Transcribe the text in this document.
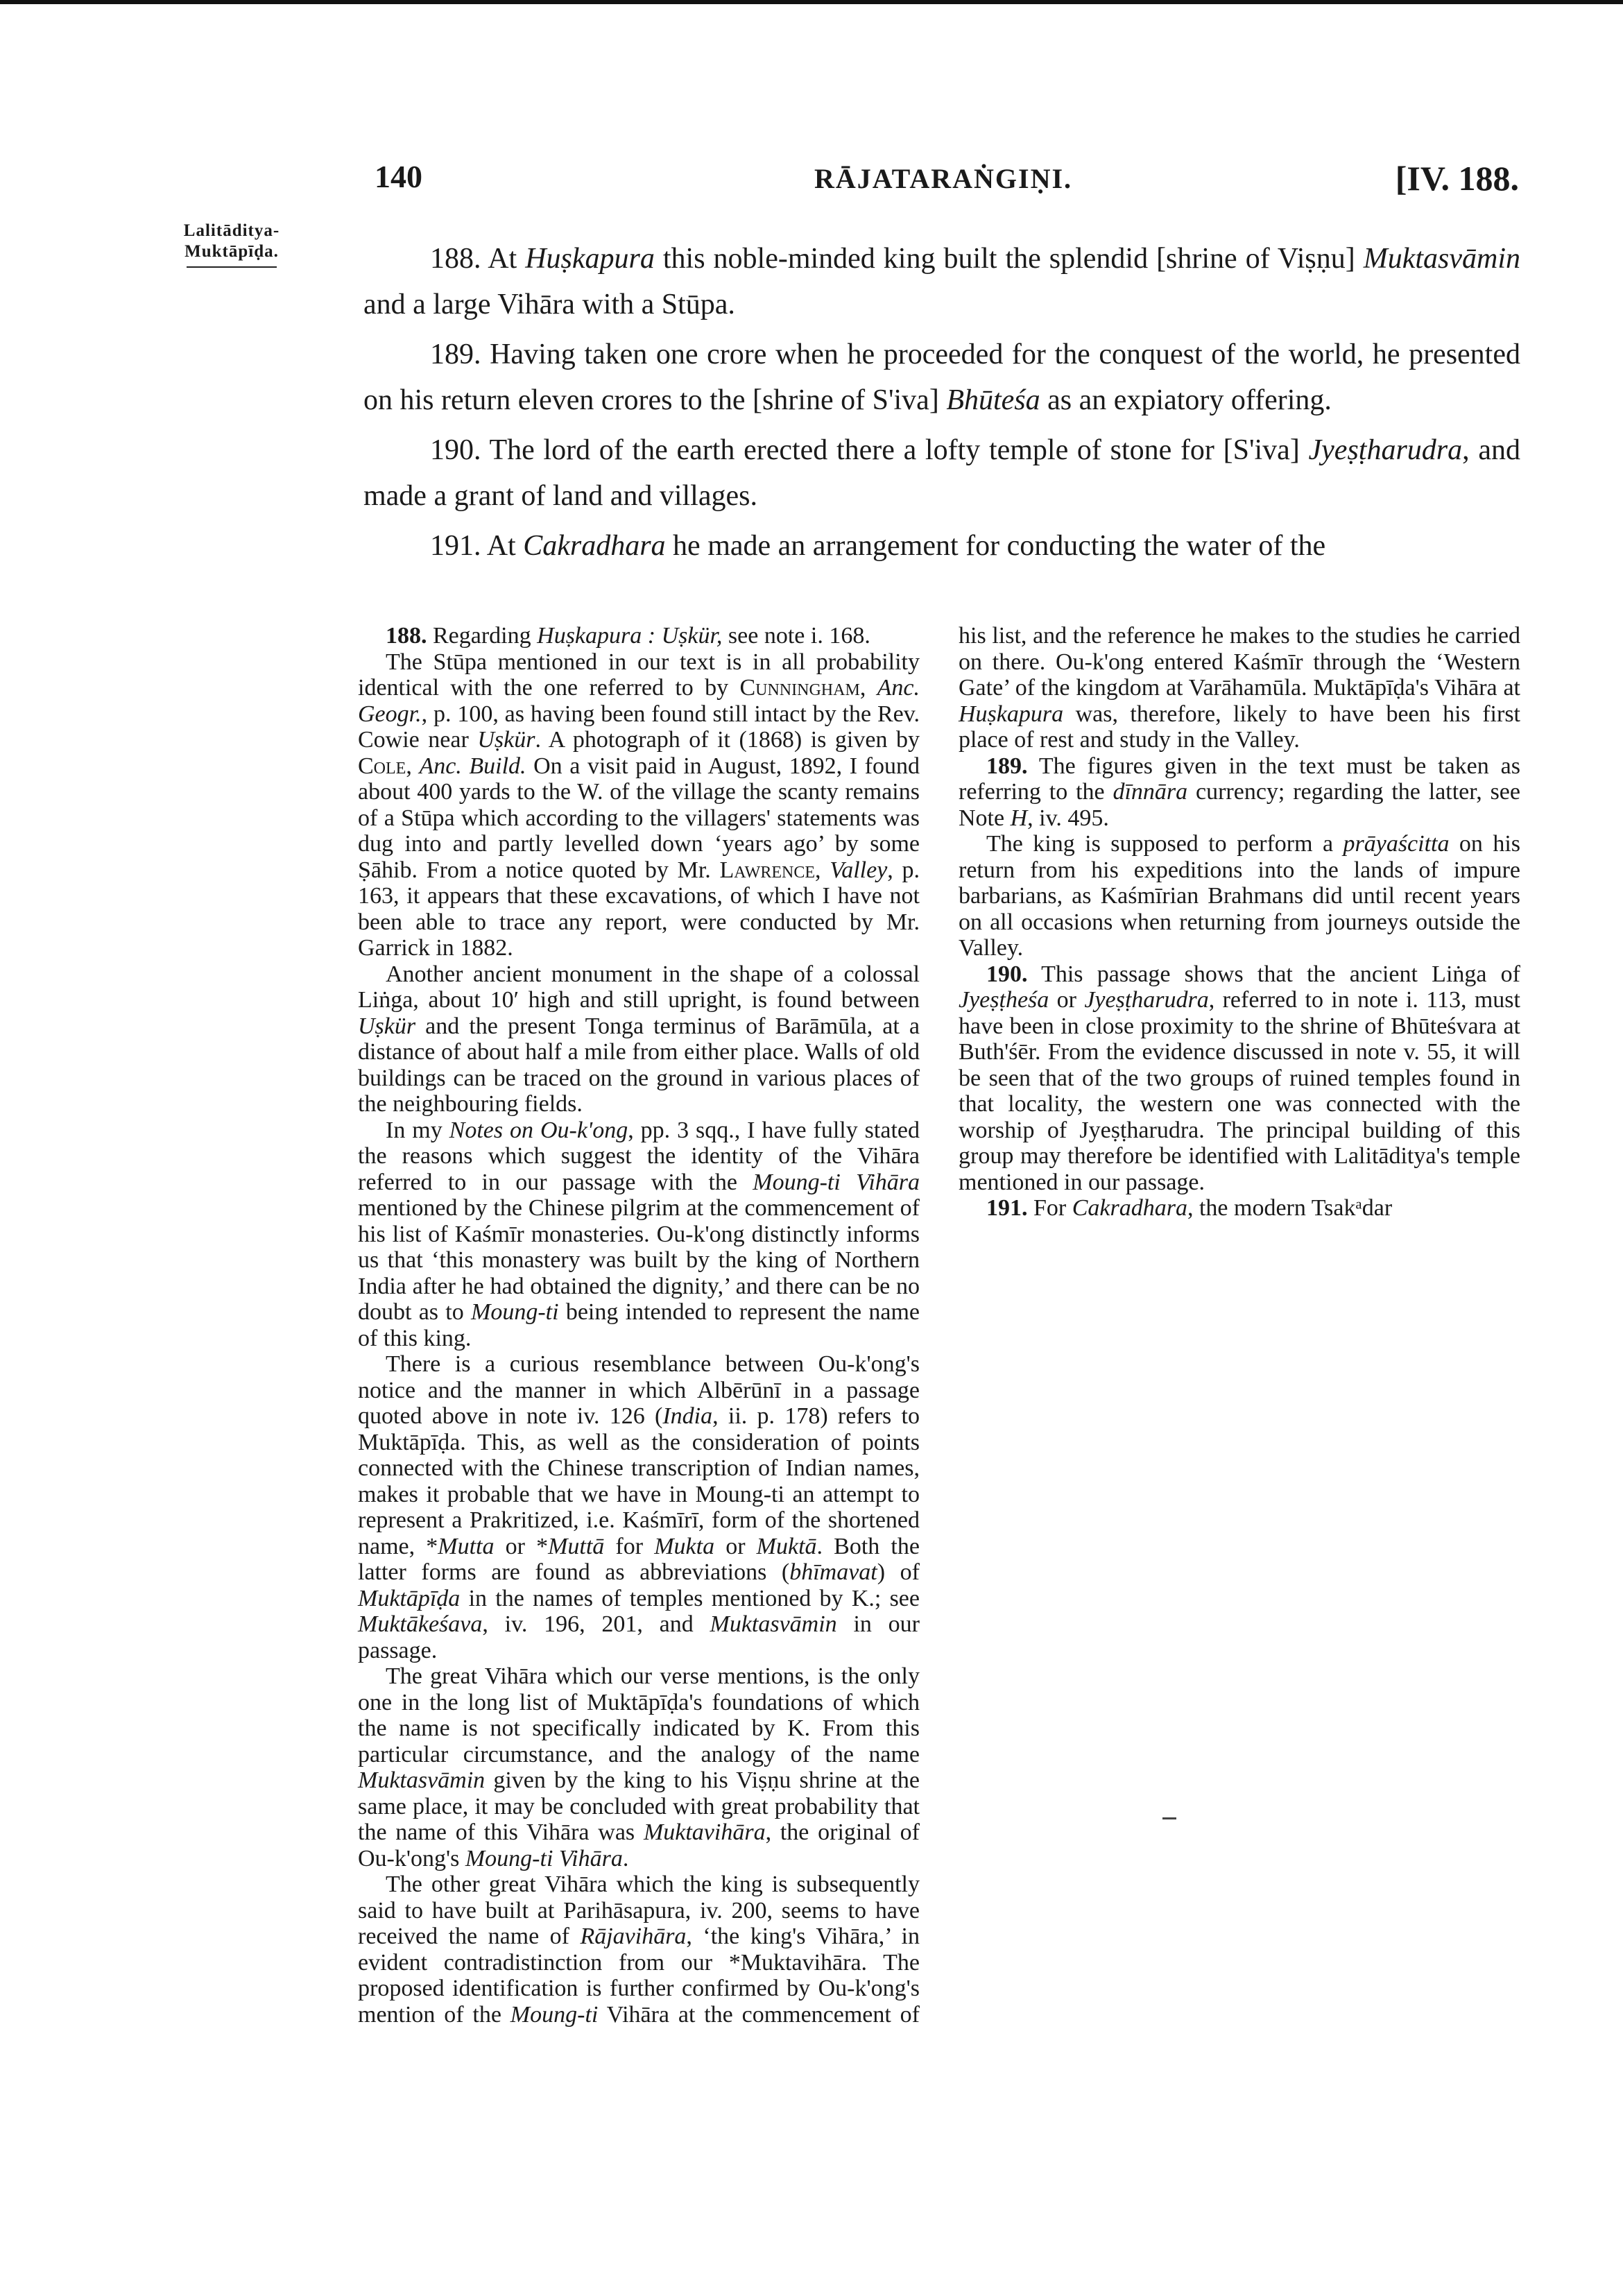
140	RĀJATARAṄGIṆI.	[IV. 188.
Lalitāditya-
Muktāpīḍa.	188. At Huṣkapura this noble-minded king built the splendid [shrine of Viṣṇu] Muktasvāmin and a large Vihāra with a Stūpa.

189. Having taken one crore when he proceeded for the conquest of the world, he presented on his return eleven crores to the [shrine of S'iva] Bhūteśa as an expiatory offering.

190. The lord of the earth erected there a lofty temple of stone for [S'iva] Jyeṣṭharudra, and made a grant of land and villages.

191. At Cakradhara he made an arrangement for conducting the water of the

188. Regarding Huṣkapura : Uṣkür, see note i. 168.

The Stūpa mentioned in our text is in all probability identical with the one referred to by Cunningham, Anc. Geogr., p. 100, as having been found still intact by the Rev. Cowie near Uṣkür. A photograph of it (1868) is given by Cole, Anc. Build. On a visit paid in August, 1892, I found about 400 yards to the W. of the village the scanty remains of a Stūpa which according to the villagers' statements was dug into and partly levelled down ‘years ago’ by some Ṣāhib. From a notice quoted by Mr. Lawrence, Valley, p. 163, it appears that these excavations, of which I have not been able to trace any report, were conducted by Mr. Garrick in 1882.

Another ancient monument in the shape of a colossal Liṅga, about 10′ high and still upright, is found between Uṣkür and the present Tonga terminus of Barāmūla, at a distance of about half a mile from either place. Walls of old buildings can be traced on the ground in various places of the neighbouring fields.

In my Notes on Ou-k'ong, pp. 3 sqq., I have fully stated the reasons which suggest the identity of the Vihāra referred to in our passage with the Moung-ti Vihāra mentioned by the Chinese pilgrim at the commencement of his list of Kaśmīr monasteries. Ou-k'ong distinctly informs us that ‘this monastery was built by the king of Northern India after he had obtained the dignity,’ and there can be no doubt as to Moung-ti being intended to represent the name of this king.

There is a curious resemblance between Ou-k'ong's notice and the manner in which Albērūnī in a passage quoted above in note iv. 126 (India, ii. p. 178) refers to Muktāpīḍa. This, as well as the consideration of points connected with the Chinese transcription of Indian names, makes it probable that we have in Moung-ti an attempt to represent a Prakritized, i.e. Kaśmīrī, form of the shortened name, *Mutta or *Muttā for Mukta or Muktā. Both the latter forms are found as abbreviations (bhīmavat) of Muktāpīḍa in the names of temples mentioned by K.; see Muktākeśava, iv. 196, 201, and Muktasvāmin in our passage.

The great Vihāra which our verse mentions, is the only one in the long list of Muktāpīḍa's foundations of which the name is not specifically indicated by K. From this particular circumstance, and the analogy of the name Muktasvāmin given by the king to his Viṣṇu shrine at the same place, it may be concluded with great probability that the name of this Vihāra was Muktavihāra, the original of Ou-k'ong's Moung-ti Vihāra.

The other great Vihāra which the king is subsequently said to have built at Parihāsapura, iv. 200, seems to have received the name of Rājavihāra, ‘the king's Vihāra,’ in evident contradistinction from our *Muktavihāra. The proposed identification is further confirmed by Ou-k'ong's mention of the Moung-ti Vihāra at the commencement of his list, and the reference he makes to the studies he carried on there. Ou-k'ong entered Kaśmīr through the ‘Western Gate’ of the kingdom at Varāhamūla. Muktāpīḍa's Vihāra at Huṣkapura was, therefore, likely to have been his first place of rest and study in the Valley.

189. The figures given in the text must be taken as referring to the dīnnāra currency; regarding the latter, see Note H, iv. 495.

The king is supposed to perform a prāyaścitta on his return from his expeditions into the lands of impure barbarians, as Kaśmīrian Brahmans did until recent years on all occasions when returning from journeys outside the Valley.

190. This passage shows that the ancient Liṅga of Jyeṣṭheśa or Jyeṣṭharudra, referred to in note i. 113, must have been in close proximity to the shrine of Bhūteśvara at Buth'śēr. From the evidence discussed in note v. 55, it will be seen that of the two groups of ruined temples found in that locality, the western one was connected with the worship of Jyeṣṭharudra. The principal building of this group may therefore be identified with Lalitāditya's temple mentioned in our passage.

191. For Cakradhara, the modern Tsakᵃdar
